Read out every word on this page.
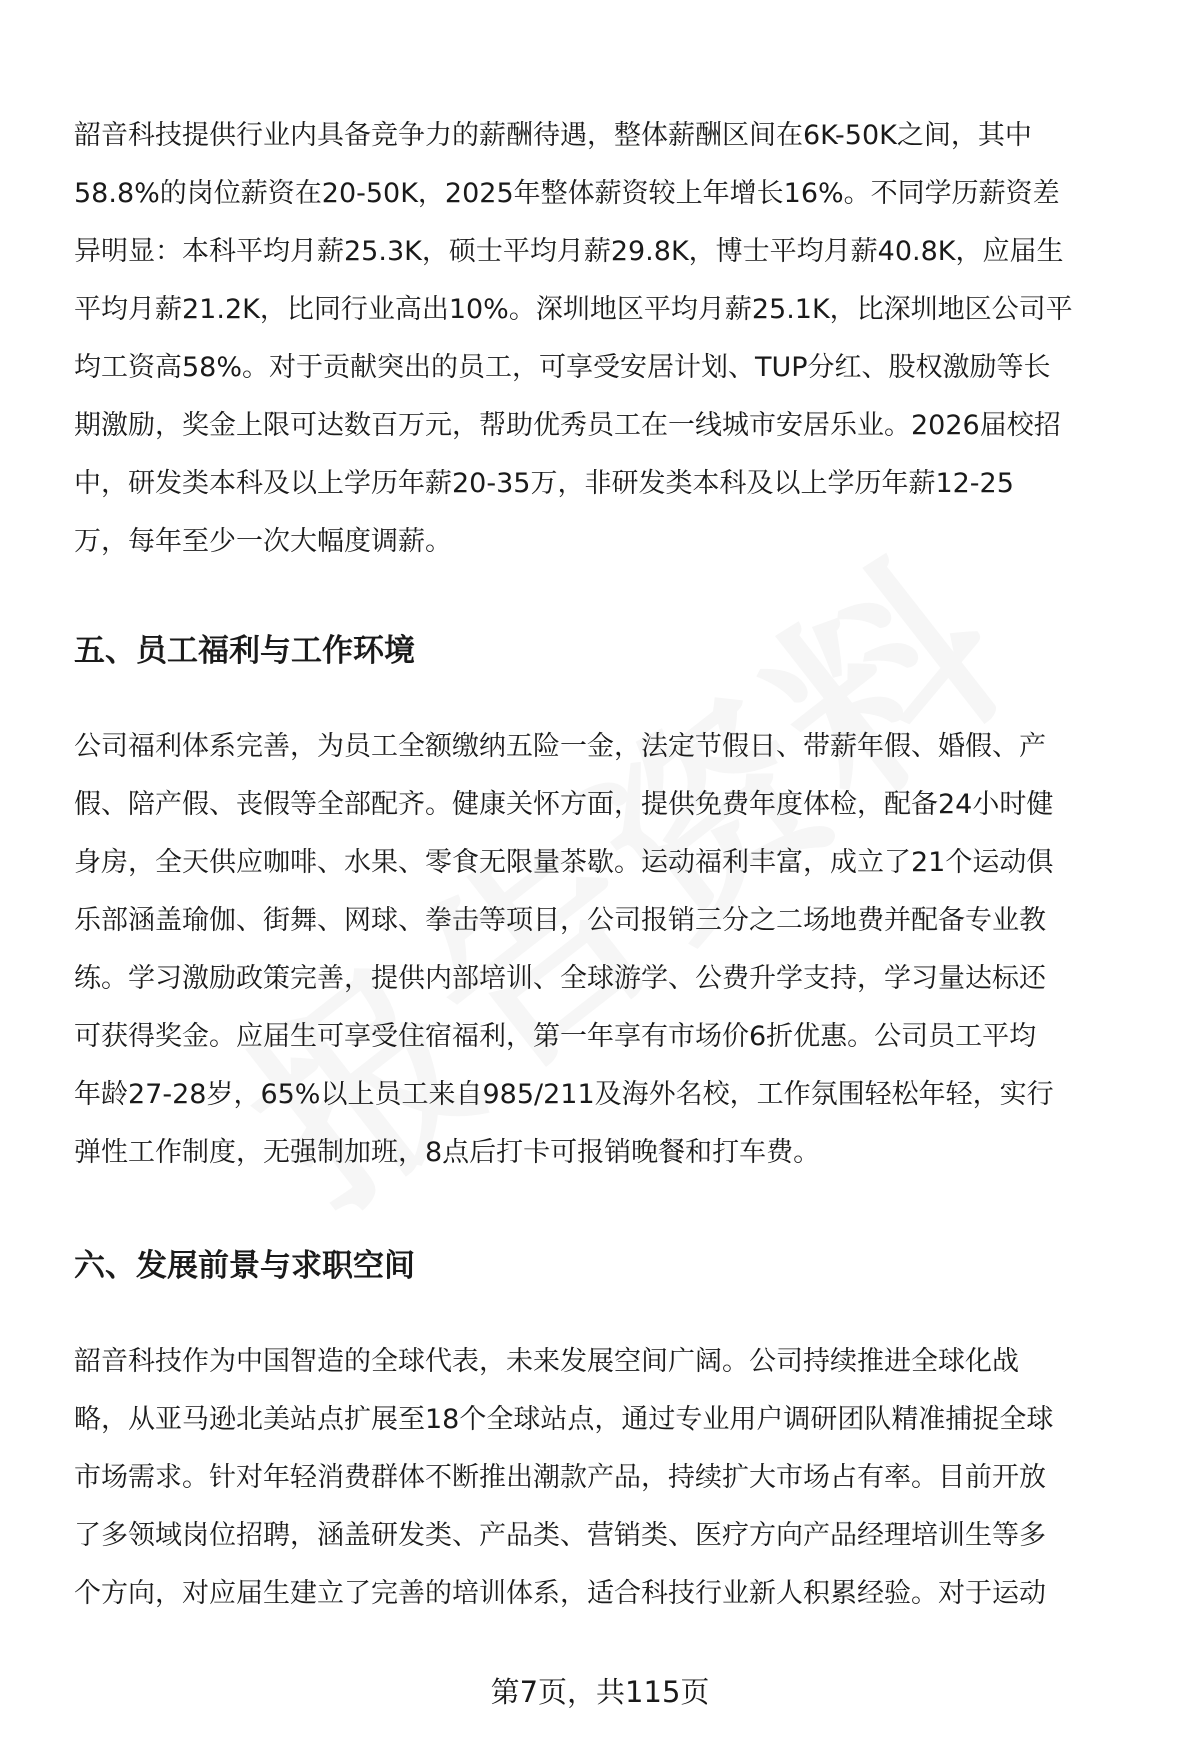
韶音科技提供行业内具备竞争力的薪酬待遇，整体薪酬区间在6K-50K之间，其中
58.8%的岗位薪资在20-50K，2025年整体薪资较上年增长16%。不同学历薪资差
异明显：本科平均月薪25.3K，硕士平均月薪29.8K，博士平均月薪40.8K，应届生
平均月薪21.2K，比同行业高出10%。深圳地区平均月薪25.1K，比深圳地区公司平
均工资高58%。对于贡献突出的员工，可享受安居计划、TUP分红、股权激励等长
期激励，奖金上限可达数百万元，帮助优秀员工在一线城市安居乐业。2026届校招
中，研发类本科及以上学历年薪20-35万，非研发类本科及以上学历年薪12-25
万，每年至少一次大幅度调薪。
五、员工福利与工作环境
公司福利体系完善，为员工全额缴纳五险一金，法定节假日、带薪年假、婚假、产
假、陪产假、丧假等全部配齐。健康关怀方面，提供免费年度体检，配备24小时健
身房，全天供应咖啡、水果、零食无限量茶歇。运动福利丰富，成立了21个运动俱
乐部涵盖瑜伽、街舞、网球、拳击等项目，公司报销三分之二场地费并配备专业教
练。学习激励政策完善，提供内部培训、全球游学、公费升学支持，学习量达标还
可获得奖金。应届生可享受住宿福利，第一年享有市场价6折优惠。公司员工平均
年龄27-28岁，65%以上员工来自985/211及海外名校，工作氛围轻松年轻，实行
弹性工作制度，无强制加班，8点后打卡可报销晚餐和打车费。
六、发展前景与求职空间
韶音科技作为中国智造的全球代表，未来发展空间广阔。公司持续推进全球化战
略，从亚马逊北美站点扩展至18个全球站点，通过专业用户调研团队精准捕捉全球
市场需求。针对年轻消费群体不断推出潮款产品，持续扩大市场占有率。目前开放
了多领域岗位招聘，涵盖研发类、产品类、营销类、医疗方向产品经理培训生等多
个方向，对应届生建立了完善的培训体系，适合科技行业新人积累经验。对于运动
第7页，共115页
